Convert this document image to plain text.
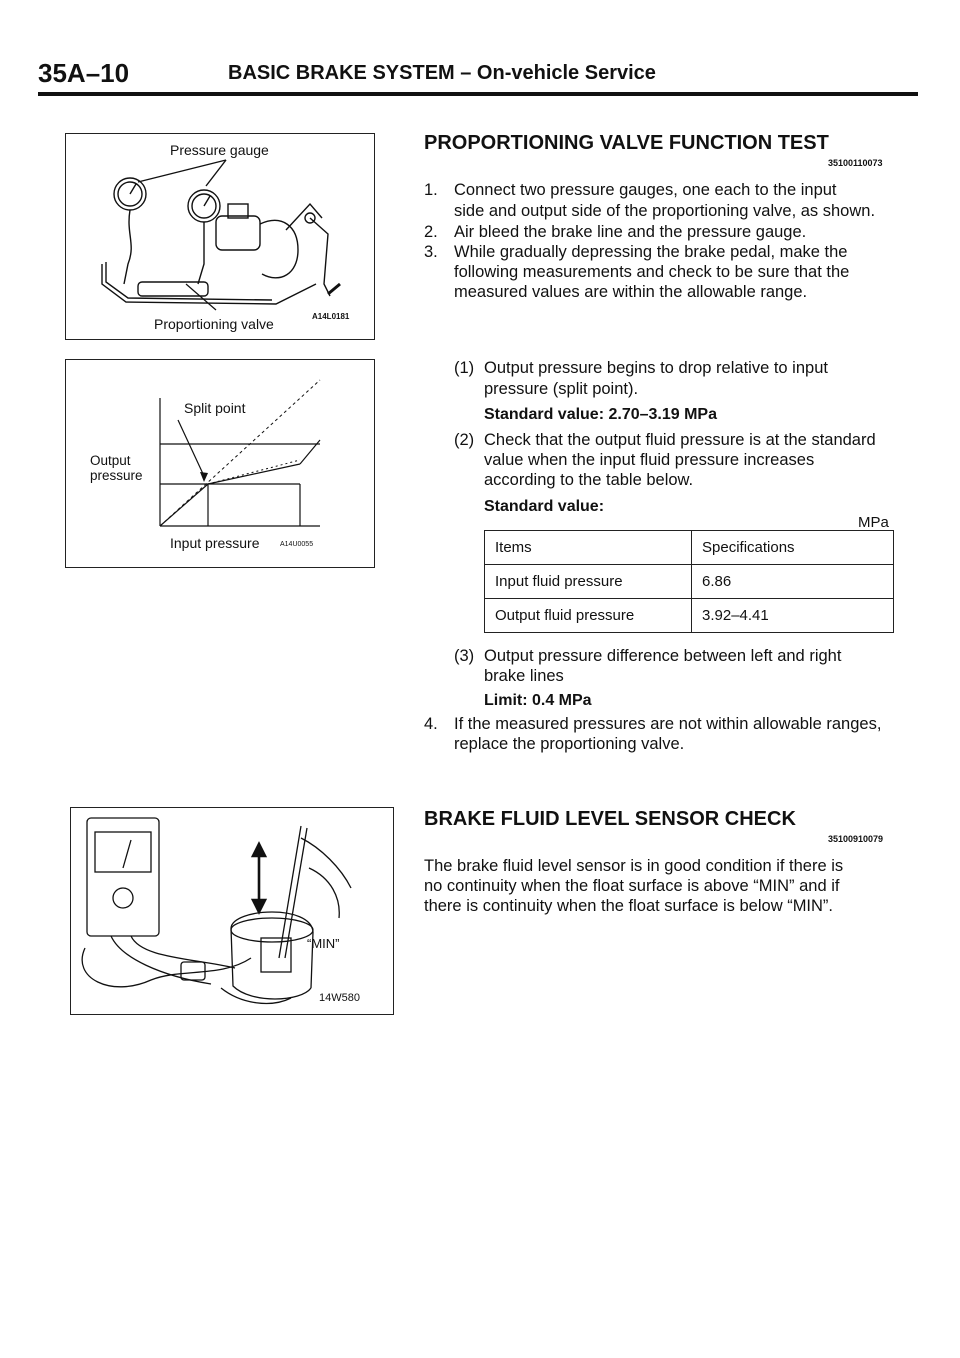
35A–10	BASIC BRAKE SYSTEM – On-vehicle Service
Pressure gauge
Proportioning valve	A14L0181
Split point
Output
pressure
Input pressure	A14U0055
“MIN”
14W580
PROPORTIONING VALVE FUNCTION TEST
35100110073
1. Connect two pressure gauges, one each to the input
side and output side of the proportioning valve, as shown.
2. Air bleed the brake line and the pressure gauge.
3. While gradually depressing the brake pedal, make the
following measurements and check to be sure that the
measured values are within the allowable range.
(1) Output pressure begins to drop relative to input
pressure (split point).
Standard value: 2.70–3.19 MPa
(2) Check that the output fluid pressure is at the standard
value when the input fluid pressure increases
according to the table below.
Standard value:
MPa
Items	Specifications
Input fluid pressure	6.86
Output fluid pressure	3.92–4.41
(3) Output pressure difference between left and right
brake lines
Limit: 0.4 MPa
4. If the measured pressures are not within allowable ranges,
replace the proportioning valve.
BRAKE FLUID LEVEL SENSOR CHECK
35100910079
The brake fluid level sensor is in good condition if there is
no continuity when the float surface is above “MIN” and if
there is continuity when the float surface is below “MIN”.
